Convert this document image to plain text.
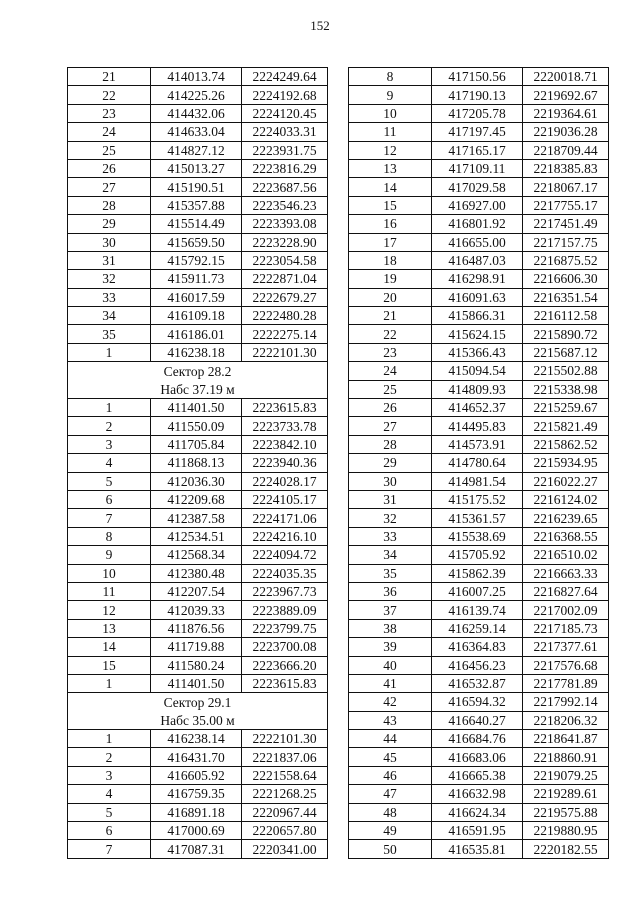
152
21	414013.74	2224249.64
22	414225.26	2224192.68
23	414432.06	2224120.45
24	414633.04	2224033.31
25	414827.12	2223931.75
26	415013.27	2223816.29
27	415190.51	2223687.56
28	415357.88	2223546.23
29	415514.49	2223393.08
30	415659.50	2223228.90
31	415792.15	2223054.58
32	415911.73	2222871.04
33	416017.59	2222679.27
34	416109.18	2222480.28
35	416186.01	2222275.14
1	416238.18	2222101.30
Сектор 28.2		
Набс 37.19 м		
1	411401.50	2223615.83
2	411550.09	2223733.78
3	411705.84	2223842.10
4	411868.13	2223940.36
5	412036.30	2224028.17
6	412209.68	2224105.17
7	412387.58	2224171.06
8	412534.51	2224216.10
9	412568.34	2224094.72
10	412380.48	2224035.35
11	412207.54	2223967.73
12	412039.33	2223889.09
13	411876.56	2223799.75
14	411719.88	2223700.08
15	411580.24	2223666.20
1	411401.50	2223615.83
Сектор 29.1		
Набс 35.00 м		
1	416238.14	2222101.30
2	416431.70	2221837.06
3	416605.92	2221558.64
4	416759.35	2221268.25
5	416891.18	2220967.44
6	417000.69	2220657.80
7	417087.31	2220341.00
8	417150.56	2220018.71
9	417190.13	2219692.67
10	417205.78	2219364.61
11	417197.45	2219036.28
12	417165.17	2218709.44
13	417109.11	2218385.83
14	417029.58	2218067.17
15	416927.00	2217755.17
16	416801.92	2217451.49
17	416655.00	2217157.75
18	416487.03	2216875.52
19	416298.91	2216606.30
20	416091.63	2216351.54
21	415866.31	2216112.58
22	415624.15	2215890.72
23	415366.43	2215687.12
24	415094.54	2215502.88
25	414809.93	2215338.98
26	414652.37	2215259.67
27	414495.83	2215821.49
28	414573.91	2215862.52
29	414780.64	2215934.95
30	414981.54	2216022.27
31	415175.52	2216124.02
32	415361.57	2216239.65
33	415538.69	2216368.55
34	415705.92	2216510.02
35	415862.39	2216663.33
36	416007.25	2216827.64
37	416139.74	2217002.09
38	416259.14	2217185.73
39	416364.83	2217377.61
40	416456.23	2217576.68
41	416532.87	2217781.89
42	416594.32	2217992.14
43	416640.27	2218206.32
44	416684.76	2218641.87
45	416683.06	2218860.91
46	416665.38	2219079.25
47	416632.98	2219289.61
48	416624.34	2219575.88
49	416591.95	2219880.95
50	416535.81	2220182.55
